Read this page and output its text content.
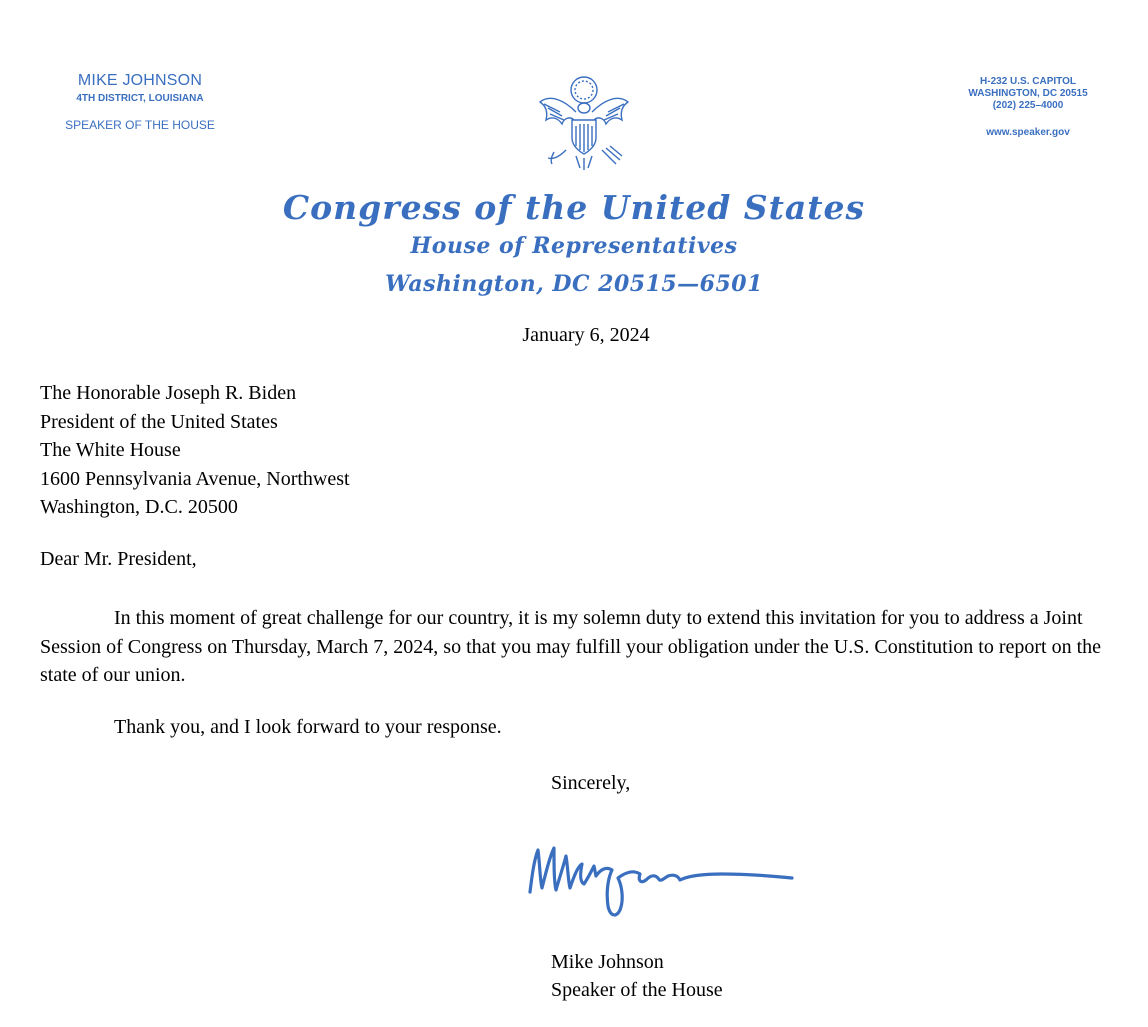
MIKE JOHNSON
4TH DISTRICT, LOUISIANA
SPEAKER OF THE HOUSE
H-232 U.S. CAPITOL
WASHINGTON, DC 20515
(202) 225–4000
www.speaker.gov
Congress of the United States
House of Representatives
Washington, DC 20515—6501
January 6, 2024
The Honorable Joseph R. Biden
President of the United States
The White House
1600 Pennsylvania Avenue, Northwest
Washington, D.C. 20500
Dear Mr. President,
In this moment of great challenge for our country, it is my solemn duty to extend this invitation for you to address a Joint Session of Congress on Thursday, March 7, 2024, so that you may fulfill your obligation under the U.S. Constitution to report on the state of our union.
Thank you, and I look forward to your response.
Sincerely,
Mike Johnson
Speaker of the House
